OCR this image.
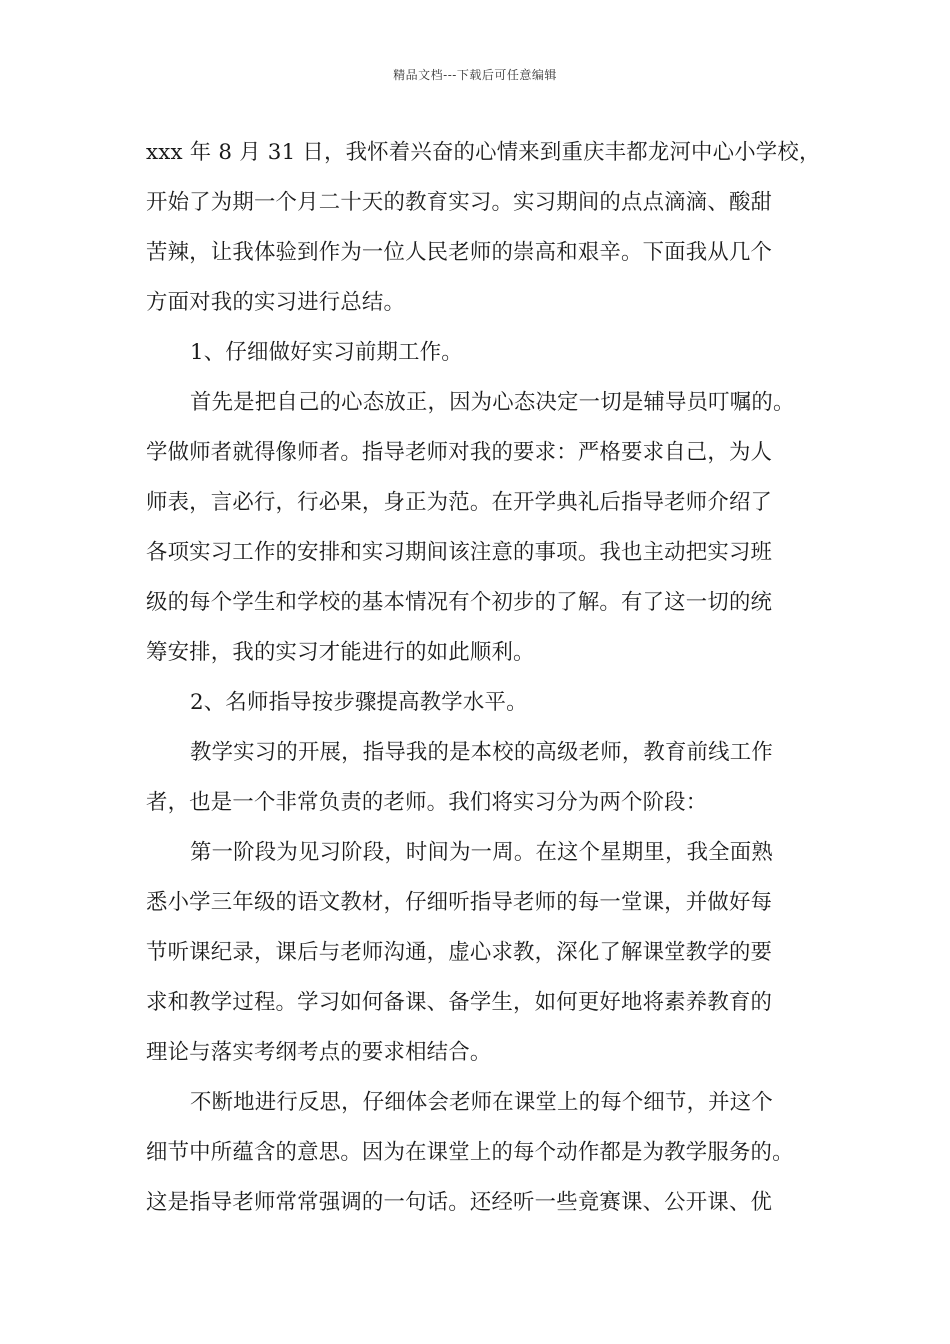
精品文档---下载后可任意编辑
xxx 年 8 月 31 日，我怀着兴奋的心情来到重庆丰都龙河中心小学校，
开始了为期一个月二十天的教育实习。实习期间的点点滴滴、酸甜
苦辣，让我体验到作为一位人民老师的崇高和艰辛。下面我从几个
方面对我的实习进行总结。
1、仔细做好实习前期工作。
首先是把自己的心态放正，因为心态决定一切是辅导员叮嘱的。
学做师者就得像师者。指导老师对我的要求：严格要求自己，为人
师表，言必行，行必果，身正为范。在开学典礼后指导老师介绍了
各项实习工作的安排和实习期间该注意的事项。我也主动把实习班
级的每个学生和学校的基本情况有个初步的了解。有了这一切的统
筹安排，我的实习才能进行的如此顺利。
2、名师指导按步骤提高教学水平。
教学实习的开展，指导我的是本校的高级老师，教育前线工作
者，也是一个非常负责的老师。我们将实习分为两个阶段：
第一阶段为见习阶段，时间为一周。在这个星期里，我全面熟
悉小学三年级的语文教材，仔细听指导老师的每一堂课，并做好每
节听课纪录，课后与老师沟通，虚心求教，深化了解课堂教学的要
求和教学过程。学习如何备课、备学生，如何更好地将素养教育的
理论与落实考纲考点的要求相结合。
不断地进行反思，仔细体会老师在课堂上的每个细节，并这个
细节中所蕴含的意思。因为在课堂上的每个动作都是为教学服务的。
这是指导老师常常强调的一句话。还经听一些竟赛课、公开课、优
